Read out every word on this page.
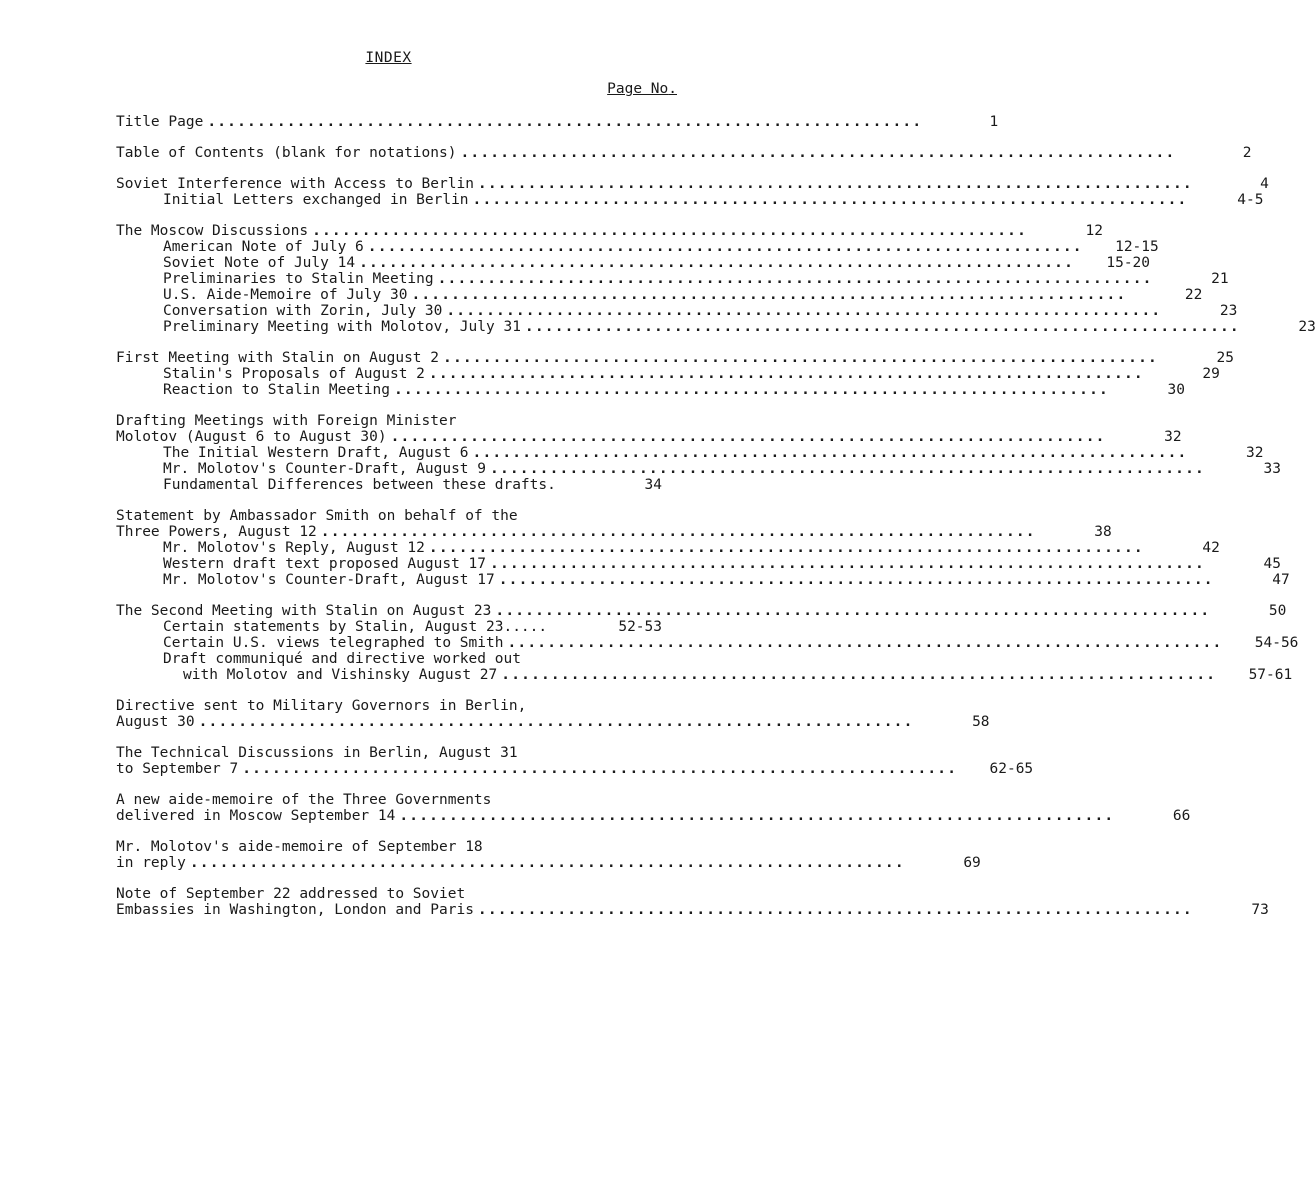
INDEX
Page No.
Title Page ........................................................................	1
Table of Contents (blank for notations) ........................................................................	2
Soviet Interference with Access to Berlin ........................................................................	4
Initial Letters exchanged in Berlin ........................................................................	4-5
The Moscow Discussions ........................................................................	12
American Note of July 6 ........................................................................	12-15
Soviet Note of July 14 ........................................................................	15-20
Preliminaries to Stalin Meeting ........................................................................	21
U.S. Aide-Memoire of July 30 ........................................................................	22
Conversation with Zorin, July 30 ........................................................................	23
Preliminary Meeting with Molotov, July 31 ........................................................................	23
First Meeting with Stalin on August 2 ........................................................................	25
Stalin's Proposals of August 2 ........................................................................	29
Reaction to Stalin Meeting ........................................................................	30
Drafting Meetings with Foreign Minister
Molotov (August 6 to August 30) ........................................................................	32
The Initial Western Draft, August 6 ........................................................................	32
Mr. Molotov's Counter-Draft, August 9 ........................................................................	33
Fundamental Differences between these drafts.	34
Statement by Ambassador Smith on behalf of the
Three Powers, August 12 ........................................................................	38
Mr. Molotov's Reply, August 12 ........................................................................	42
Western draft text proposed August 17 ........................................................................	45
Mr. Molotov's Counter-Draft, August 17 ........................................................................	47
The Second Meeting with Stalin on August 23 ........................................................................	50
Certain statements by Stalin, August 23.....	52-53
Certain U.S. views telegraphed to Smith ........................................................................	54-56
Draft communiqué and directive worked out
with Molotov and Vishinsky August 27 ........................................................................	57-61
Directive sent to Military Governors in Berlin,
August 30 ........................................................................	58
The Technical Discussions in Berlin, August 31
to September 7 ........................................................................	62-65
A new aide-memoire of the Three Governments
delivered in Moscow September 14 ........................................................................	66
Mr. Molotov's aide-memoire of September 18
in reply ........................................................................	69
Note of September 22 addressed to Soviet
Embassies in Washington, London and Paris ........................................................................	73
